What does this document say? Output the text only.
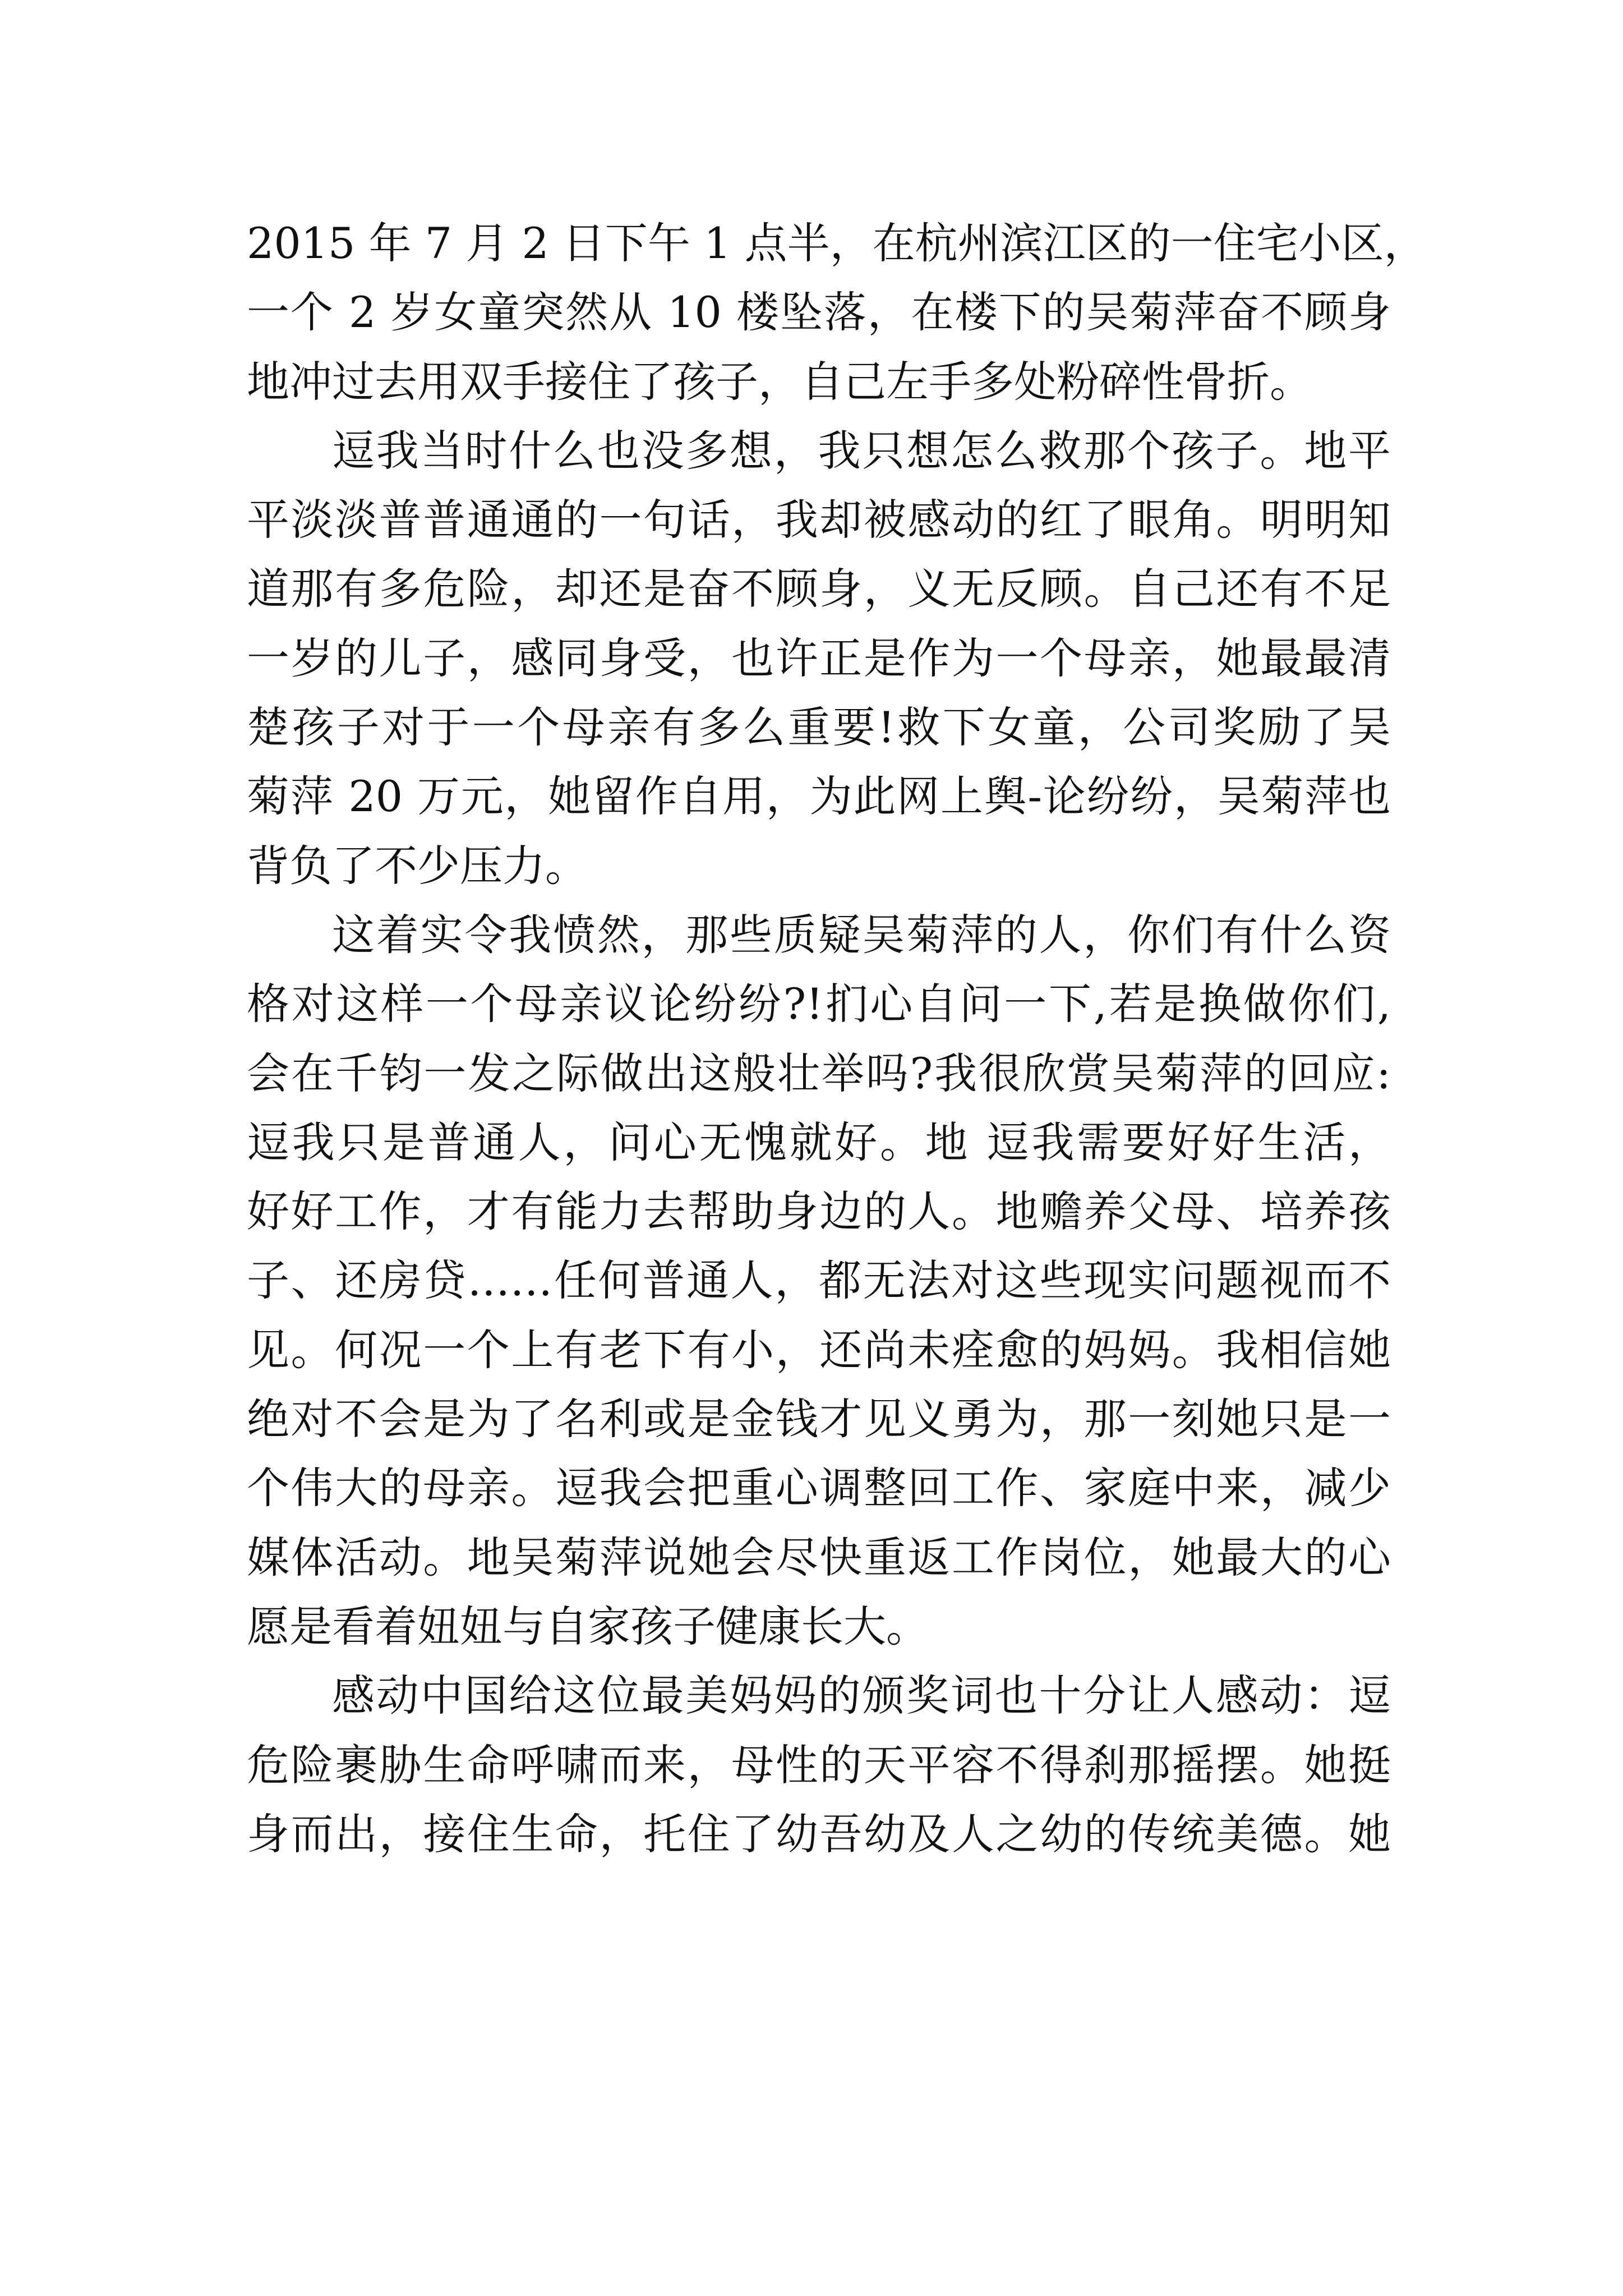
2015 年 7 月 2 日下午 1 点半，在杭州滨江区的一住宅小区，
一个 2 岁女童突然从 10 楼坠落，在楼下的吴菊萍奋不顾身
地冲过去用双手接住了孩子，自己左手多处粉碎性骨折。
逗我当时什么也没多想，我只想怎么救那个孩子。地平
平淡淡普普通通的一句话，我却被感动的红了眼角。明明知
道那有多危险，却还是奋不顾身，义无反顾。自己还有不足
一岁的儿子，感同身受，也许正是作为一个母亲，她最最清
楚孩子对于一个母亲有多么重要!救下女童，公司奖励了吴
菊萍 20 万元，她留作自用，为此网上舆-论纷纷，吴菊萍也
背负了不少压力。
这着实令我愤然，那些质疑吴菊萍的人，你们有什么资
格对这样一个母亲议论纷纷?!扪心自问一下,若是换做你们,
会在千钧一发之际做出这般壮举吗?我很欣赏吴菊萍的回应:
逗我只是普通人，问心无愧就好。地 逗我需要好好生活，
好好工作，才有能力去帮助身边的人。地赡养父母、培养孩
子、还房贷……任何普通人，都无法对这些现实问题视而不
见。何况一个上有老下有小，还尚未痊愈的妈妈。我相信她
绝对不会是为了名利或是金钱才见义勇为，那一刻她只是一
个伟大的母亲。逗我会把重心调整回工作、家庭中来，减少
媒体活动。地吴菊萍说她会尽快重返工作岗位，她最大的心
愿是看着妞妞与自家孩子健康长大。
感动中国给这位最美妈妈的颁奖词也十分让人感动：逗
危险裹胁生命呼啸而来，母性的天平容不得刹那摇摆。她挺
身而出，接住生命，托住了幼吾幼及人之幼的传统美德。她
